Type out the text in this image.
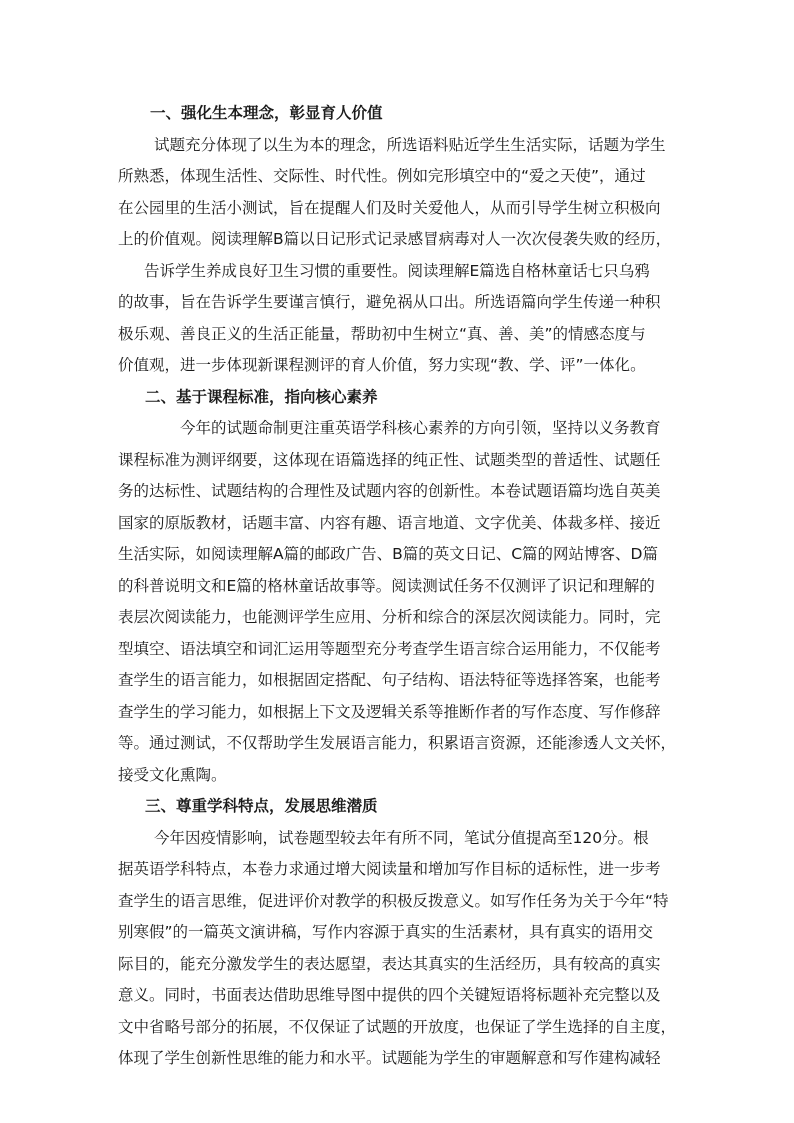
一、强化生本理念，彰显育人价值
试题充分体现了以生为本的理念，所选语料贴近学生生活实际，话题为学生
所熟悉，体现生活性、交际性、时代性。例如完形填空中的“爱之天使”，通过
在公园里的生活小测试，旨在提醒人们及时关爱他人，从而引导学生树立积极向
上的价值观。阅读理解B篇以日记形式记录感冒病毒对人一次次侵袭失败的经历，
告诉学生养成良好卫生习惯的重要性。阅读理解E篇选自格林童话七只乌鸦
的故事，旨在告诉学生要谨言慎行，避免祸从口出。所选语篇向学生传递一种积
极乐观、善良正义的生活正能量，帮助初中生树立“真、善、美”的情感态度与
价值观，进一步体现新课程测评的育人价值，努力实现“教、学、评”一体化。
二、基于课程标准，指向核心素养
今年的试题命制更注重英语学科核心素养的方向引领，坚持以义务教育
课程标准为测评纲要，这体现在语篇选择的纯正性、试题类型的普适性、试题任
务的达标性、试题结构的合理性及试题内容的创新性。本卷试题语篇均选自英美
国家的原版教材，话题丰富、内容有趣、语言地道、文字优美、体裁多样、接近
生活实际，如阅读理解A篇的邮政广告、B篇的英文日记、C篇的网站博客、D篇
的科普说明文和E篇的格林童话故事等。阅读测试任务不仅测评了识记和理解的
表层次阅读能力，也能测评学生应用、分析和综合的深层次阅读能力。同时，完
型填空、语法填空和词汇运用等题型充分考查学生语言综合运用能力，不仅能考
查学生的语言能力，如根据固定搭配、句子结构、语法特征等选择答案，也能考
查学生的学习能力，如根据上下文及逻辑关系等推断作者的写作态度、写作修辞
等。通过测试，不仅帮助学生发展语言能力，积累语言资源，还能渗透人文关怀，
接受文化熏陶。
三、尊重学科特点，发展思维潜质
今年因疫情影响，试卷题型较去年有所不同，笔试分值提高至120分。根
据英语学科特点，本卷力求通过增大阅读量和增加写作目标的适标性，进一步考
查学生的语言思维，促进评价对教学的积极反拨意义。如写作任务为关于今年“特
别寒假”的一篇英文演讲稿，写作内容源于真实的生活素材，具有真实的语用交
际目的，能充分激发学生的表达愿望，表达其真实的生活经历，具有较高的真实
意义。同时，书面表达借助思维导图中提供的四个关键短语将标题补充完整以及
文中省略号部分的拓展，不仅保证了试题的开放度，也保证了学生选择的自主度，
体现了学生创新性思维的能力和水平。试题能为学生的审题解意和写作建构减轻
